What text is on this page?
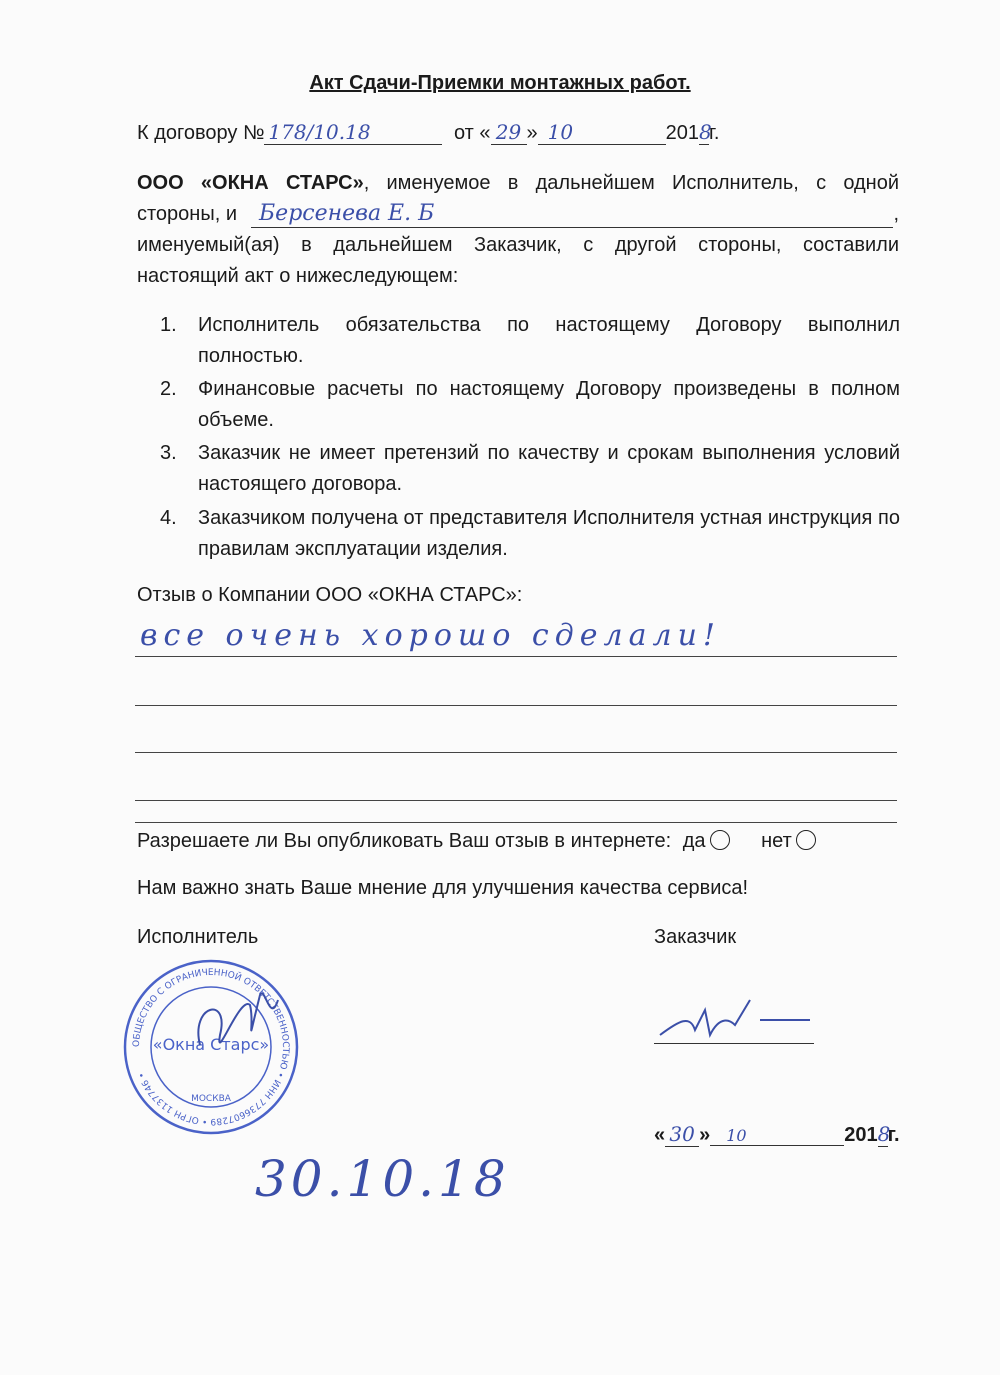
Акт Сдачи-Приемки монтажных работ.
К договору № 178/10.18	от « 29 » 10	2018г.
ООО «ОКНА СТАРС», именуемое в дальнейшем Исполнитель, с одной
стороны, и	Берсенева Е. Б	,
именуемый(ая) в дальнейшем Заказчик, с другой стороны, составили
настоящий акт о нижеследующем:
1.	Исполнитель обязательства по настоящему Договору выполнил полностью.
2.	Финансовые расчеты по настоящему Договору произведены в полном объеме.
3.	Заказчик не имеет претензий по качеству и срокам выполнения условий настоящего договора.
4.	Заказчиком получена от представителя Исполнителя устная инструкция по правилам эксплуатации изделия.
Отзыв о Компании ООО «ОКНА СТАРС»:
все очень хорошо сделали!
Разрешаете ли Вы опубликовать Ваш отзыв в интернете: да	нет
Нам важно знать Ваше мнение для улучшения качества сервиса!
Исполнитель	Заказчик
ОБЩЕСТВО С ОГРАНИЧЕННОЙ ОТВЕТСТВЕННОСТЬЮ • ИНН 7736607289 • ОГРН 1137746 •
«Окна Старс»
МОСКВА
« 30 » 10	2018г.
30.10.18
